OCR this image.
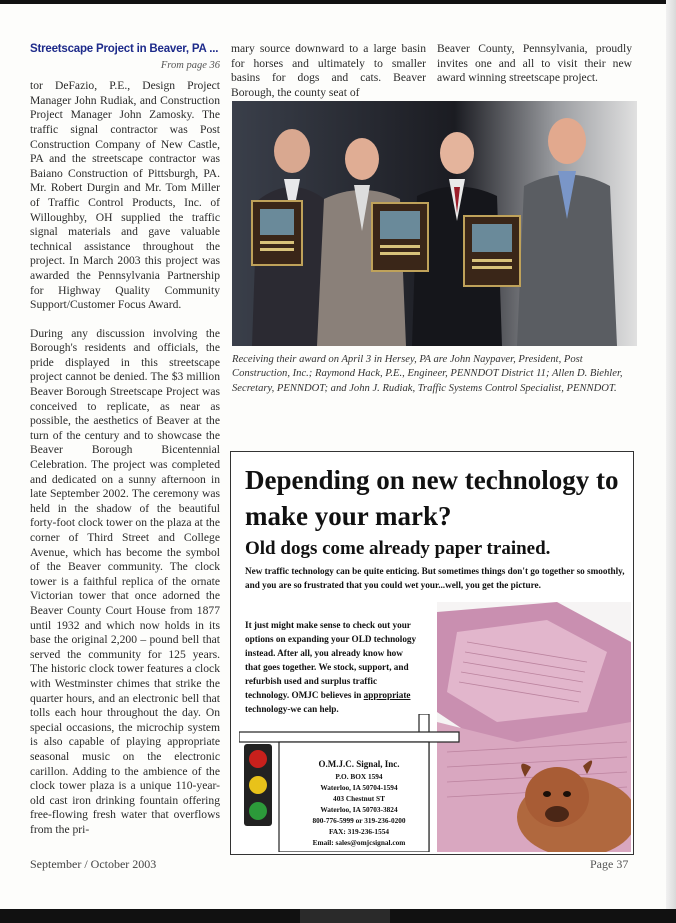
Streetscape Project in Beaver, PA ...
From page 36

tor DeFazio, P.E., Design Project Manager John Rudiak, and Construction Project Manager John Zamosky. The traffic signal contractor was Post Construction Company of New Castle, PA and the streetscape contractor was Baiano Construction of Pittsburgh, PA. Mr. Robert Durgin and Mr. Tom Miller of Traffic Control Products, Inc. of Willoughby, OH supplied the traffic signal materials and gave valuable technical assistance throughout the project. In March 2003 this project was awarded the Pennsylvania Partnership for Highway Quality Community Support/Customer Focus Award.

During any discussion involving the Borough's residents and officials, the pride displayed in this streetscape project cannot be denied. The $3 million Beaver Borough Streetscape Project was conceived to replicate, as near as possible, the aesthetics of Beaver at the turn of the century and to showcase the Beaver Borough Bicentennial Celebration. The project was completed and dedicated on a sunny afternoon in late September 2002. The ceremony was held in the shadow of the beautiful forty-foot clock tower on the plaza at the corner of Third Street and College Avenue, which has become the symbol of the Beaver community. The clock tower is a faithful replica of the ornate Victorian tower that once adorned the Beaver County Court House from 1877 until 1932 and which now holds in its base the original 2,200 – pound bell that served the community for 125 years. The historic clock tower features a clock with Westminster chimes that strike the quarter hours, and an electronic bell that tolls each hour throughout the day. On special occasions, the microchip system is also capable of playing appropriate seasonal music on the electronic carillon. Adding to the ambience of the clock tower plaza is a unique 110-year-old cast iron drinking fountain offering free-flowing fresh water that overflows from the pri-

mary source downward to a large basin for horses and ultimately to smaller basins for dogs and cats. Beaver Borough, the county seat of

Beaver County, Pennsylvania, proudly invites one and all to visit their new award winning streetscape project.

Receiving their award on April 3 in Hersey, PA are John Naypaver, President, Post Construction, Inc.; Raymond Hack, P.E., Engineer, PENNDOT District 11; Allen D. Biehler, Secretary, PENNDOT; and John J. Rudiak, Traffic Systems Control Specialist, PENNDOT.
Depending on new technology to make your mark?
Old dogs come already paper trained.
New traffic technology can be quite enticing. But sometimes things don't go together so smoothly, and you are so frustrated that you could wet your...well, you get the picture.
It just might make sense to check out your options on expanding your OLD technology instead. After all, you already know how that goes together. We stock, support, and refurbish used and surplus traffic technology. OMJC believes in appropriate technology-we can help.
O.M.J.C. Signal, Inc.
P.O. BOX 1594
Waterloo, IA 50704-1594
403 Chestnut ST
Waterloo, IA 50703-3824
800-776-5999 or 319-236-0200
FAX: 319-236-1554
Email: sales@omjcsignal.com
September / October 2003	Page 37
